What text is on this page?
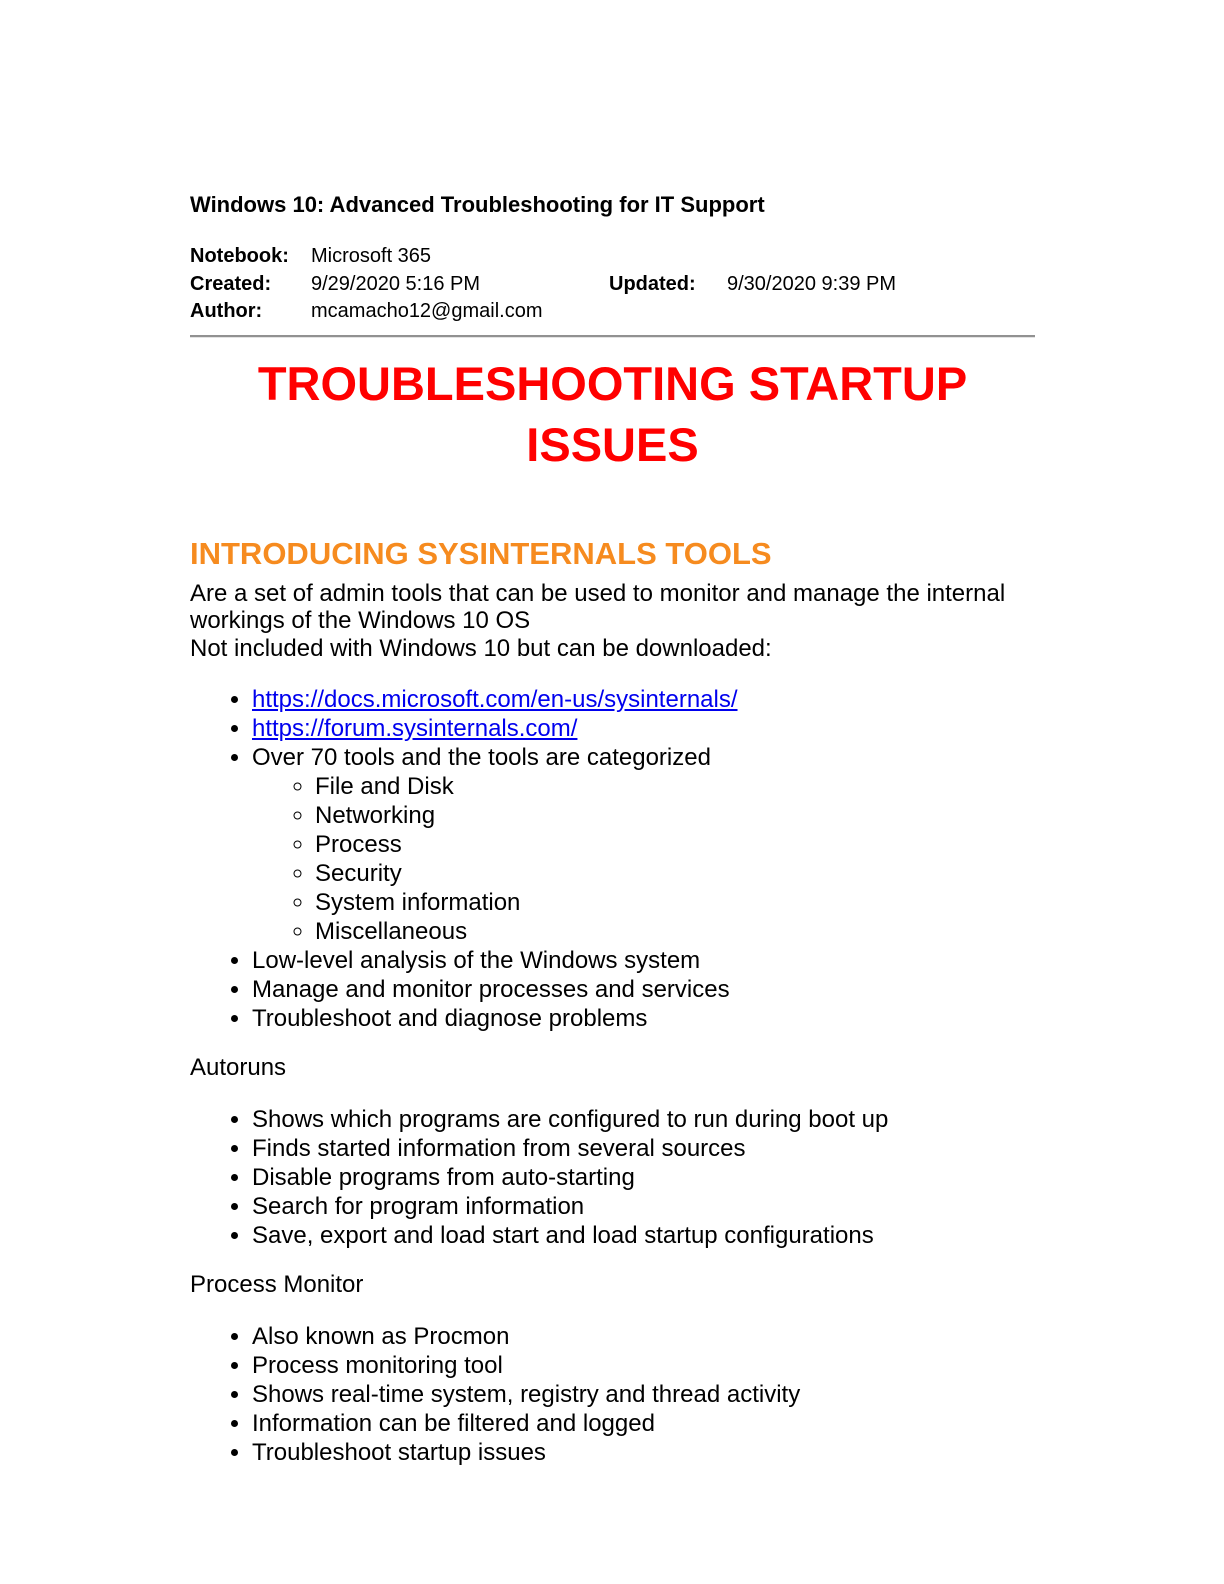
Windows 10: Advanced Troubleshooting for IT Support
Notebook:	Microsoft 365
Created:	9/29/2020 5:16 PM	Updated:	9/30/2020 9:39 PM
Author:	mcamacho12@gmail.com
TROUBLESHOOTING STARTUP ISSUES
INTRODUCING SYSINTERNALS TOOLS
Are a set of admin tools that can be used to monitor and manage the internal
workings of the Windows 10 OS
Not included with Windows 10 but can be downloaded:
• https://docs.microsoft.com/en-us/sysinternals/
• https://forum.sysinternals.com/
• Over 70 tools and the tools are categorized
◦ File and Disk
◦ Networking
◦ Process
◦ Security
◦ System information
◦ Miscellaneous
• Low-level analysis of the Windows system
• Manage and monitor processes and services
• Troubleshoot and diagnose problems
Autoruns
• Shows which programs are configured to run during boot up
• Finds started information from several sources
• Disable programs from auto-starting
• Search for program information
• Save, export and load start and load startup configurations
Process Monitor
• Also known as Procmon
• Process monitoring tool
• Shows real-time system, registry and thread activity
• Information can be filtered and logged
• Troubleshoot startup issues
